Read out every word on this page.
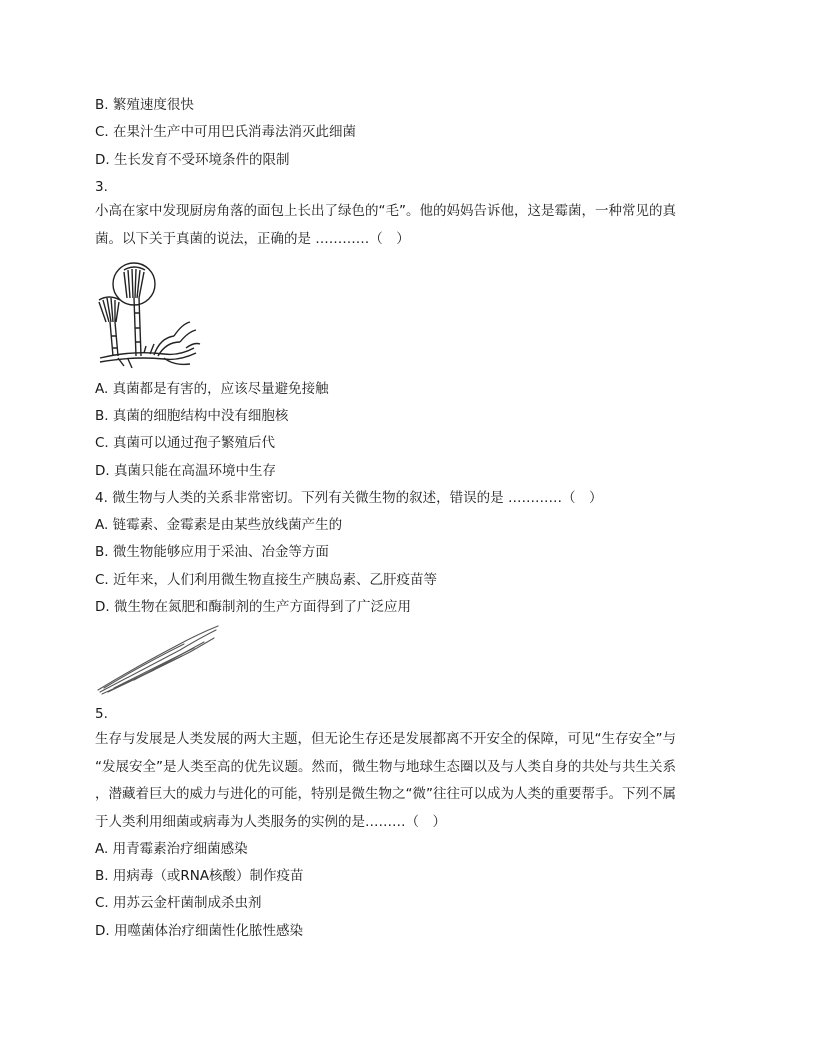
B. 繁殖速度很快
C. 在果汁生产中可用巴氏消毒法消灭此细菌
D. 生长发育不受环境条件的限制
3.
小高在家中发现厨房角落的面包上长出了绿色的“毛”。他的妈妈告诉他，这是霉菌，一种常见的真
菌。以下关于真菌的说法，正确的是 …………（　）
A. 真菌都是有害的，应该尽量避免接触
B. 真菌的细胞结构中没有细胞核
C. 真菌可以通过孢子繁殖后代
D. 真菌只能在高温环境中生存
4. 微生物与人类的关系非常密切。下列有关微生物的叙述，错误的是 …………（　）
A. 链霉素、金霉素是由某些放线菌产生的
B. 微生物能够应用于采油、冶金等方面
C. 近年来，人们利用微生物直接生产胰岛素、乙肝疫苗等
D. 微生物在氮肥和酶制剂的生产方面得到了广泛应用
5.
生存与发展是人类发展的两大主题，但无论生存还是发展都离不开安全的保障，可见“生存安全”与
“发展安全”是人类至高的优先议题。然而，微生物与地球生态圈以及与人类自身的共处与共生关系
，潜藏着巨大的威力与进化的可能，特别是微生物之“微”往往可以成为人类的重要帮手。下列不属
于人类利用细菌或病毒为人类服务的实例的是………（　）
A. 用青霉素治疗细菌感染
B. 用病毒（或RNA核酸）制作疫苗
C. 用苏云金杆菌制成杀虫剂
D. 用噬菌体治疗细菌性化脓性感染
